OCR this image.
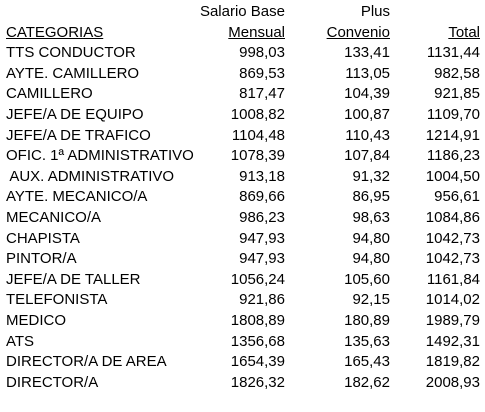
	Salario Base	Plus	
CATEGORIAS	Mensual	Convenio	Total
TTS CONDUCTOR	998,03	133,41	1131,44
AYTE. CAMILLERO	869,53	113,05	982,58
CAMILLERO	817,47	104,39	921,85
JEFE/A DE EQUIPO	1008,82	100,87	1109,70
JEFE/A DE TRAFICO	1104,48	110,43	1214,91
OFIC. 1ª ADMINISTRATIVO	1078,39	107,84	1186,23
AUX. ADMINISTRATIVO	913,18	91,32	1004,50
AYTE. MECANICO/A	869,66	86,95	956,61
MECANICO/A	986,23	98,63	1084,86
CHAPISTA	947,93	94,80	1042,73
PINTOR/A	947,93	94,80	1042,73
JEFE/A DE TALLER	1056,24	105,60	1161,84
TELEFONISTA	921,86	92,15	1014,02
MEDICO	1808,89	180,89	1989,79
ATS	1356,68	135,63	1492,31
DIRECTOR/A DE AREA	1654,39	165,43	1819,82
DIRECTOR/A	1826,32	182,62	2008,93
